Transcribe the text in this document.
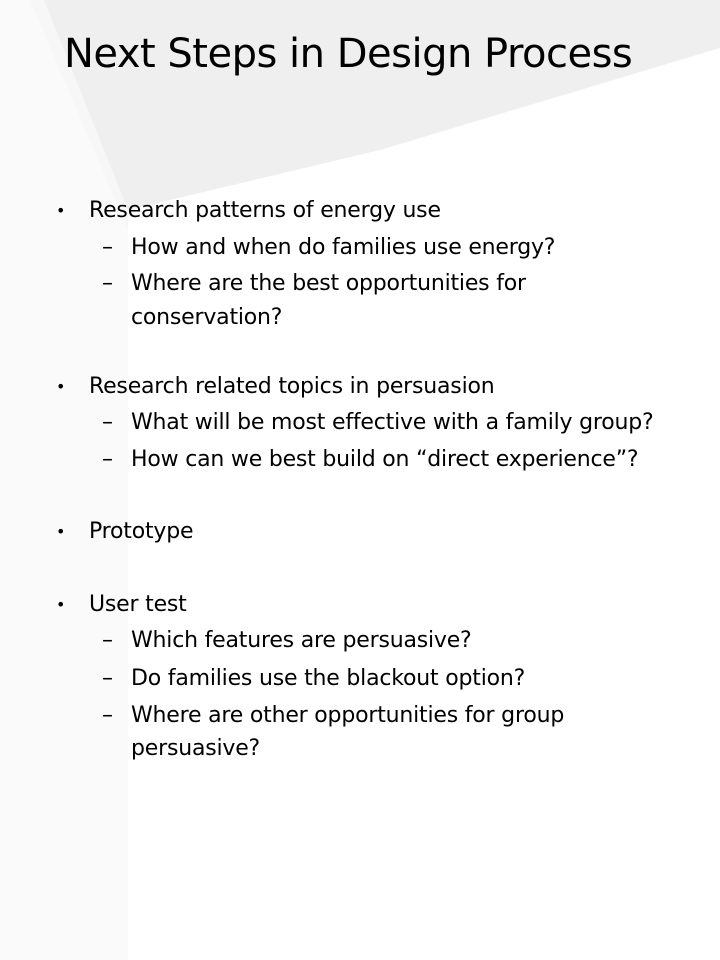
Next Steps in Design Process
• Research patterns of energy use
– How and when do families use energy?
– Where are the best opportunities for
conservation?
• Research related topics in persuasion
– What will be most effective with a family group?
– How can we best build on “direct experience”?
• Prototype
• User test
– Which features are persuasive?
– Do families use the blackout option?
– Where are other opportunities for group
persuasive?
